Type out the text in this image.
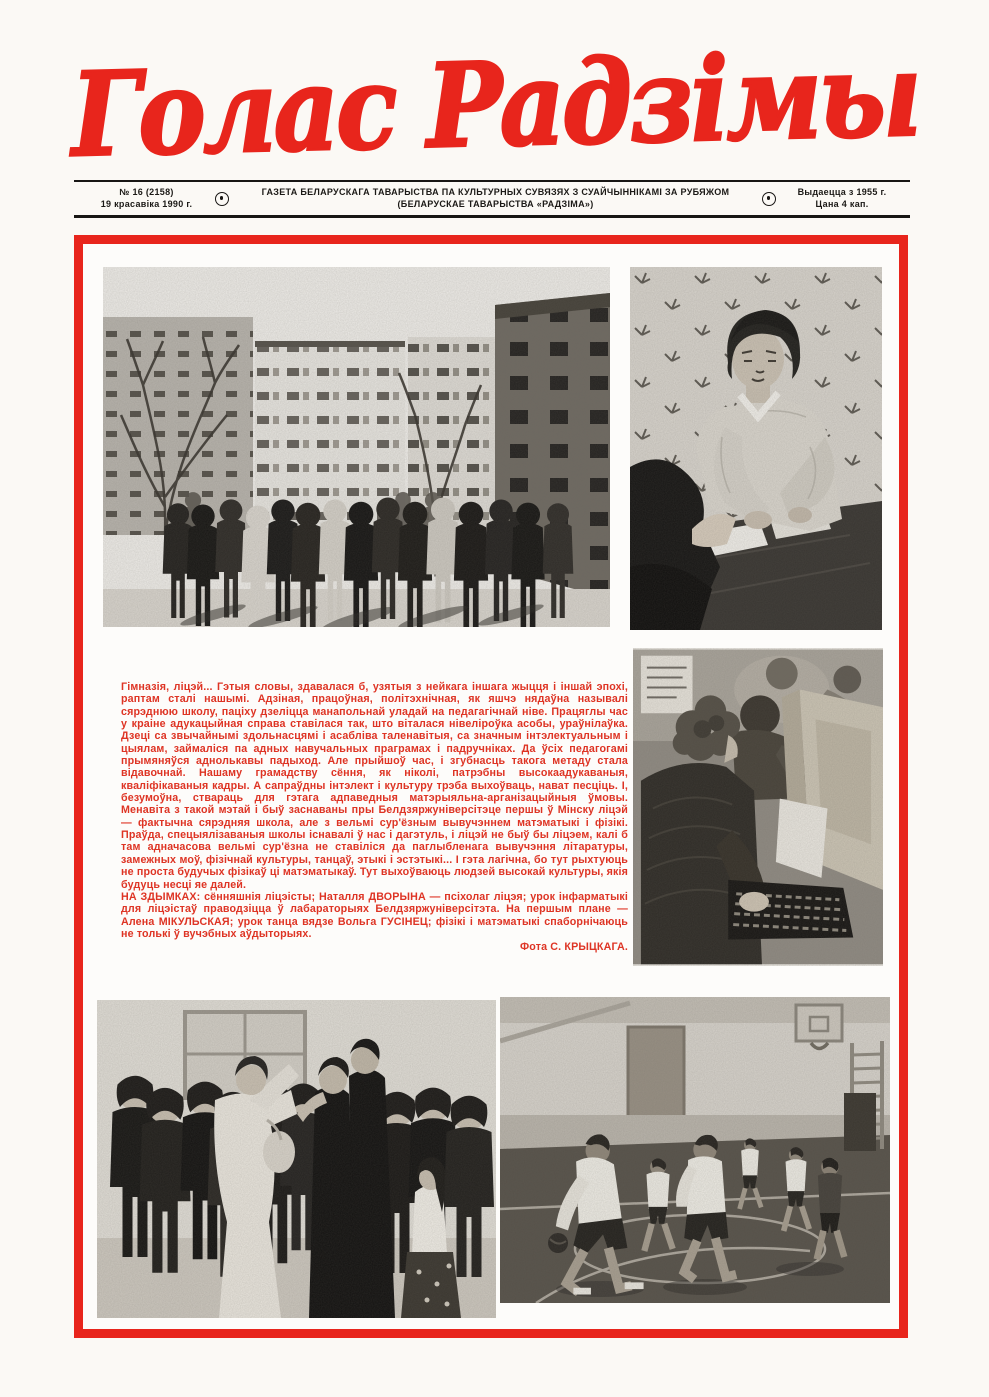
Голас Радзімы
№ 16 (2158)
19 красавіка 1990 г.
ГАЗЕТА БЕЛАРУСКАГА ТАВАРЫСТВА ПА КУЛЬТУРНЫХ СУВЯЗЯХ З СУАЙЧЫННІКАМІ ЗА РУБЯЖОМ
(БЕЛАРУСКАЕ ТАВАРЫСТВА «РАДЗІМА»)
Выдаецца з 1955 г.
Цана 4 кап.

Гімназія, ліцэй... Гэтыя словы, здавалася б, узятыя з нейкага іншага жыцця і іншай эпохі, раптам сталі нашымі. Адзіная, працоўная, політэхнічная, як яшчэ нядаўна называлі сярэднюю школу, паціху дзеліцца манапольнай уладай на педагагічнай ніве. Працяглы час у краіне адукацыйная справа ставілася так, што віталася нівеліроўка асобы, ураўнілаўка. Дзеці са звычайнымі здольнасцямі і асабліва таленавітыя, са значным інтэлектуальным і цыялам, займаліся па адных навучальных праграмах і падручніках. Да ўсіх педагогамі прымяняўся аднолькавы падыход. Але прыйшоў час, і згубнасць такога метаду стала відавочнай. Нашаму грамадству сёння, як ніколі, патрэбны высокаадукаваныя, кваліфікаваныя кадры. А сапраўдны інтэлект і культуру трэба выхоўваць, нават песціць. І, безумоўна, ствараць для гэтага адпаведныя матэрыяльна-арганізацыйныя ўмовы. Менавіта з такой мэтай і быў заснаваны пры Белдзяржуніверсітэце першы ў Мінску ліцэй — фактычна сярэдняя школа, але з вельмі сур'ёзным вывучэннем матэматыкі і фізікі. Праўда, спецыялізаваныя школы існавалі ў нас і дагэтуль, і ліцэй не быў бы ліцэем, калі б там адначасова вельмі сур'ёзна не ставіліся да паглыбленага вывучэння літаратуры, замежных моў, фізічнай культуры, танцаў, этыкі і эстэтыкі... І гэта лагічна, бо тут рыхтуюць не проста будучых фізікаў ці матэматыкаў. Тут выхоўваюць людзей высокай культуры, якія будуць несці яе далей.

НА ЗДЫМКАХ: сённяшнія ліцэісты; Наталля ДВОРЫНА — псіхолаг ліцэя; урок інфарматыкі для ліцэістаў праводзіцца ў лабараторыях Белдзяржуніверсітэта. На першым плане — Алена МІКУЛЬСКАЯ; урок танца вядзе Вольга ГУСІНЕЦ; фізікі і матэматыкі спаборнічаюць не толькі ў вучэбных аўдыторыях.

Фота С. КРЫЦКАГА.
